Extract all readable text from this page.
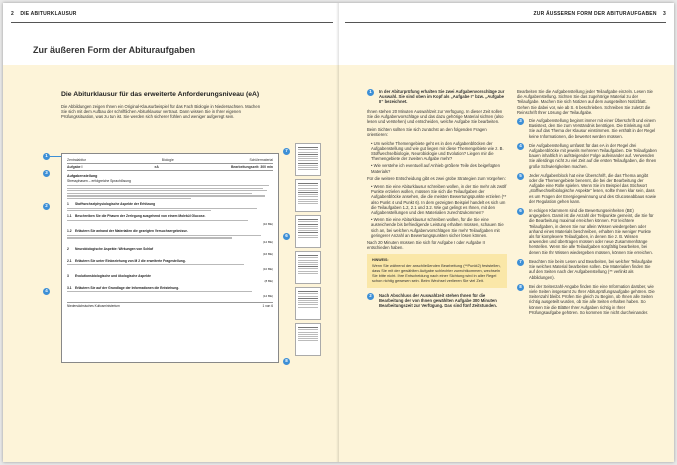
2 DIE ABITURKLAUSUR
Zur äußeren Form der Abituraufgaben
Die Abiturklausur für das erweiterte Anforderungsniveau (eA)
Die Abbildungen zeigen Ihnen ein Original-Klausurbeispiel für das Fach Biologie in Niedersachsen. Machen Sie sich mit dem Aufbau der schriftlichen Abiturklausur vertraut. Dann wissen Sie in Ihrer eigenen Prüfungssituation, was zu tun ist. Sie werden sich sicherer fühlen und weniger aufgeregt sein.
Zentralabitur	Biologie	Schülermaterial
Aufgabe I	eA	Bearbeitungszeit: 300 min
Aufgabenstellung
Stressphasen – erfolgreiche Sprachlösung
1	Stoffwechselphysiologische Aspekte der Erhitzung
1.1	Beschreiben Sie die Phasen der Zerlegung ausgehend von einem Molekül Glucose.
(10 BE)
1.2	Erläutern Sie anhand der Materialien die gezeigten Versuchsergebnisse.
(12 BE)
2	Neurobiologische Aspekte: Wirkungen von Schlaf
(16 BE)
2.1	Erläutern Sie unter Einbeziehung von M 2 die erweiterte Fragestellung.
(10 BE)
3	Evolutionsbiologische und ökologische Aspekte
(8 BE)
3.1	Erläutern Sie auf der Grundlage der Informationen die Entstehung.
(12 BE)
Niedersächsisches Kultusministerium	1 von 6
1
2
3
4
6
7
8
ZUR ÄUSSEREN FORM DER ABITURAUFGABEN 3
1	In der Abiturprüfung erhalten Sie zwei Aufgabenvorschläge zur Auswahl. Sie sind oben im Kopf als „Aufgabe I“ bzw. „Aufgabe II“ bezeichnet.

Ihnen stehen 20 Minuten Auswahlzeit zur Verfügung. In dieser Zeit sollen Sie die Aufgabenvorschläge und das dazu gehörige Material sichten (also lesen und verstehen) und entscheiden, welche Aufgabe Sie bearbeiten.

Beim Sichten sollten Sie sich zunächst an den folgenden Fragen orientieren:

• Um welche Themengebiete geht es in den Aufgabenblöcken der Aufgabenstellung und wie gut liegen mir diese Themengebiete wie z. B. Stoffwechselbiologie, Neurobiologie und Evolution? Liegen mir die Themengebiete der zweiten Aufgabe mehr?
• Wie verstehe ich eventuell auf Anhieb größere Teile des beigefügten Materials?

Für die weitere Entscheidung gibt es zwei grobe Strategien zum Vorgehen:

• Wenn Sie eine Abiturklausur schreiben wollen, in der Sie mehr als zwölf Punkte erzielen wollen, müssen Sie sich die Teilaufgaben der Aufgabenblöcke ansehen, die die meisten Bewertungspunkte erzielen (** also Punkt 4 und Punkt 6). In dem gezeigten Beispiel handelt es sich um die Teilaufgaben 1.2, 2.1 und 3.2. Wie gut gelingt es Ihnen, mit den Aufgabenstellungen und den Materialien zurechtzukommen?
• Wenn Sie eine Abiturklausur schreiben wollen, für die Sie eine ausreichende bis befriedigende Leistung erhalten müssen, schauen Sie sich an, bei welchen Aufgabenvorschlägen Sie mehr Teilaufgaben mit geringerer Anzahl an Bewertungspunkten sicher lösen können.

Nach 20 Minuten müssen Sie sich für Aufgabe I oder Aufgabe II entschieden haben.

HINWEIS:
Wenn Sie während der anschließenden Bearbeitung (**Punkt2) feststellen, dass Sie mit der gewählten Aufgabe schlechter zurechtkommen, wechseln Sie bitte nicht. Ihre Entscheidung nach einer Sichtung wird in aller Regel schon richtig gewesen sein. Beim Wechsel verlieren Sie viel Zeit.
2	Nach Abschluss der Auswahlzeit stehen Ihnen für die Bearbeitung der von Ihnen gewählten Aufgabe 300 Minuten Bearbeitungszeit zur Verfügung. Das sind fünf Zeitstunden.

Bearbeiten Sie die Aufgabenstellung jeder Teilaufgabe einzeln. Lesen Sie die Aufgabenstellung. Sichten Sie das zugehörige Material zu der Teilaufgabe. Machen Sie sich Notizen auf dem ausgeteilten Notizblatt. Gehen Sie dabei vor, wie ab S. 6 beschrieben. Schreiben Sie zuletzt die Reinschrift Ihrer Lösung der Teilaufgabe.

3	Die Aufgabenstellung beginnt immer mit einer Überschrift und einem Basistext, den Sie zum Verständnis benötigen. Die Einleitung soll Sie auf das Thema der Klausur einstimmen. Sie enthält in der Regel keine Informationen, die bewertet werden müssen.
4	Die Aufgabenstellung umfasst für das eA in der Regel drei Aufgabenblöcke mit jeweils mehreren Teilaufgaben. Die Teilaufgaben bauen inhaltlich in aufsteigender Folge aufeinander auf. Verwenden Sie allerdings nicht zu viel Zeit auf die ersten Teilaufgaben, die Ihnen große Schwierigkeiten machen.
5	Jeder Aufgabenblock hat eine Überschrift, die das Thema angibt oder die Themengebiete benennt, die bei der Bearbeitung der Aufgabe eine Rolle spielen. Wenn Sie im Beispiel das Stichwort „stoffwechselbiologische Aspekte“ lesen, sollte Ihnen klar sein, dass es um Fragen der Energiegewinnung und des Glucoseabbaus sowie der Regulation gehen kann.
6	In eckigen Klammern sind die Bewertungseinheiten (BE) angegeben. Damit ist die Anzahl der Teilpunkte gemeint, die Sie für die Bearbeitung maximal erreichen können. Für leichtere Teilaufgaben, in denen Sie nur allein Wissen wiedergeben oder anhand eines Materials beschreiben, erhalten Sie weniger Punkte als für komplexere Teilaufgaben, in denen Sie z. B. Wissen anwenden und übertragen müssen oder neue Zusammenhänge herstellen. Wenn Sie alle Teilaufgaben sorgfältig bearbeiten, bei denen Sie Ihr Wissen wiedergeben müssen, können Sie erreichen.
7	Beachten Sie beim Lesen und Bearbeiten, bei welcher Teilaufgabe Sie welches Material bearbeiten sollen. Die Materialien finden Sie auf den Seiten nach der Aufgabenstellung (** verlinkt als Abbildungen).
8	Bei der Seitenzahl-Angabe finden Sie eine Information darüber, wie viele Seiten insgesamt zu Ihrer Abiturprüfungsaufgabe gehören. Die Seitenzahl bleibt. Prüfen Sie gleich zu Beginn, ob Ihnen alle Seiten richtig ausgeteilt wurden, ob Sie alle Seiten erhalten haben. So können Sie die Blätter Ihrer Aufgaben richtig in Ihrer Prüfungsaufgabe gehören. So kommen Sie nicht durcheinander.
